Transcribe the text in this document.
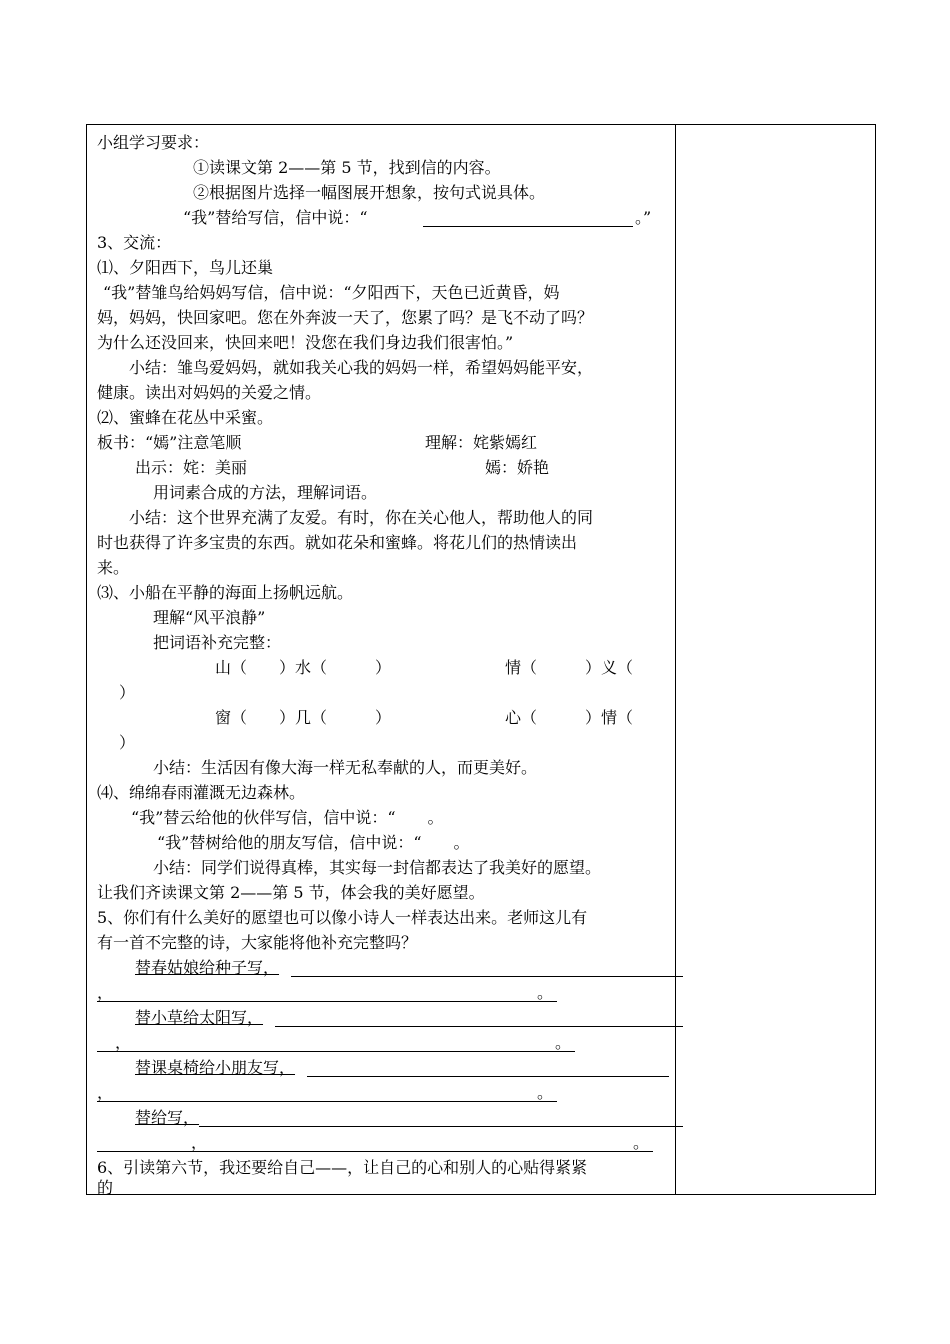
小组学习要求：
①读课文第 2——第 5 节，找到信的内容。
②根据图片选择一幅图展开想象，按句式说具体。
“我”替给写信，信中说：“	。”
3、交流：
⑴、夕阳西下，鸟儿还巢
“我”替雏鸟给妈妈写信，信中说：“夕阳西下，天色已近黄昏，妈
妈，妈妈，快回家吧。您在外奔波一天了，您累了吗？是飞不动了吗？
为什么还没回来，快回来吧！没您在我们身边我们很害怕。”
小结：雏鸟爱妈妈，就如我关心我的妈妈一样，希望妈妈能平安，
健康。读出对妈妈的关爱之情。
⑵、蜜蜂在花丛中采蜜。
板书：“嫣”注意笔顺	理解：姹紫嫣红
出示：姹：美丽	嫣：娇艳
用词素合成的方法，理解词语。
小结：这个世界充满了友爱。有时，你在关心他人，帮助他人的同
时也获得了许多宝贵的东西。就如花朵和蜜蜂。将花儿们的热情读出
来。
⑶、小船在平静的海面上扬帆远航。
理解“风平浪静”
把词语补充完整：
山（　　）水（　　　）	情（　　　）义（
）
窗（　　）几（　　　）	心（　　　）情（
）
小结：生活因有像大海一样无私奉献的人，而更美好。
⑷、绵绵春雨灌溉无边森林。
“我”替云给他的伙伴写信，信中说：“　　。
“我”替树给他的朋友写信，信中说：“　　。
小结：同学们说得真棒，其实每一封信都表达了我美好的愿望。
让我们齐读课文第 2——第 5 节，体会我的美好愿望。
5、你们有什么美好的愿望也可以像小诗人一样表达出来。老师这儿有
有一首不完整的诗，大家能将他补充完整吗？
替春姑娘给种子写，
，	。
替小草给太阳写，
，	。
替课桌椅给小朋友写，
，	。
替给写，
，	。
6、引读第六节，我还要给自己——，让自己的心和别人的心贴得紧紧
的
